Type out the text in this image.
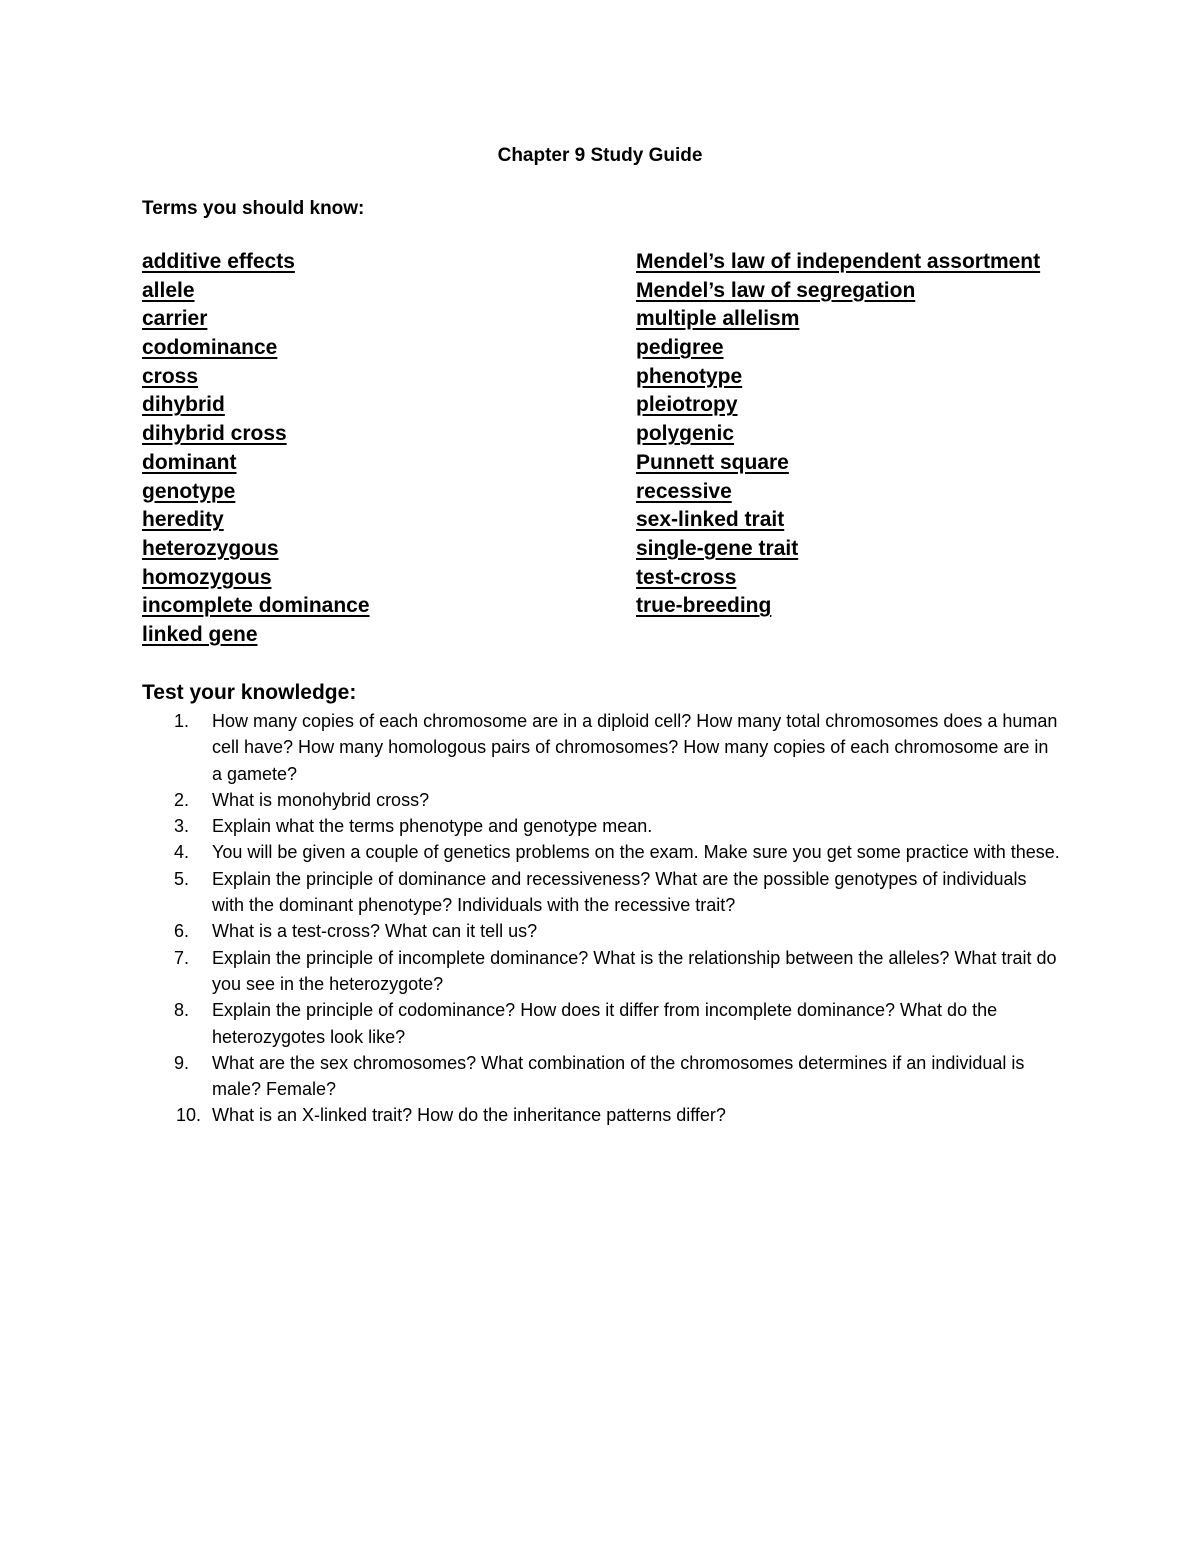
Chapter 9 Study Guide
Terms you should know:
additive effects
allele
carrier
codominance
cross
dihybrid
dihybrid cross
dominant
genotype
heredity
heterozygous
homozygous
incomplete dominance
linked gene
Mendel’s law of independent assortment
Mendel’s law of segregation
multiple allelism
pedigree
phenotype
pleiotropy
polygenic
Punnett square
recessive
sex-linked trait
single-gene trait
test-cross
true-breeding
Test your knowledge:
1.	How many copies of each chromosome are in a diploid cell? How many total chromosomes does a human cell have? How many homologous pairs of chromosomes? How many copies of each chromosome are in a gamete?
2.	What is monohybrid cross?
3.	Explain what the terms phenotype and genotype mean.
4.	You will be given a couple of genetics problems on the exam. Make sure you get some practice with these.
5.	Explain the principle of dominance and recessiveness? What are the possible genotypes of individuals with the dominant phenotype? Individuals with the recessive trait?
6.	What is a test-cross? What can it tell us?
7.	Explain the principle of incomplete dominance? What is the relationship between the alleles? What trait do you see in the heterozygote?
8.	Explain the principle of codominance? How does it differ from incomplete dominance? What do the heterozygotes look like?
9.	What are the sex chromosomes? What combination of the chromosomes determines if an individual is male? Female?
10. What is an X-linked trait? How do the inheritance patterns differ?
